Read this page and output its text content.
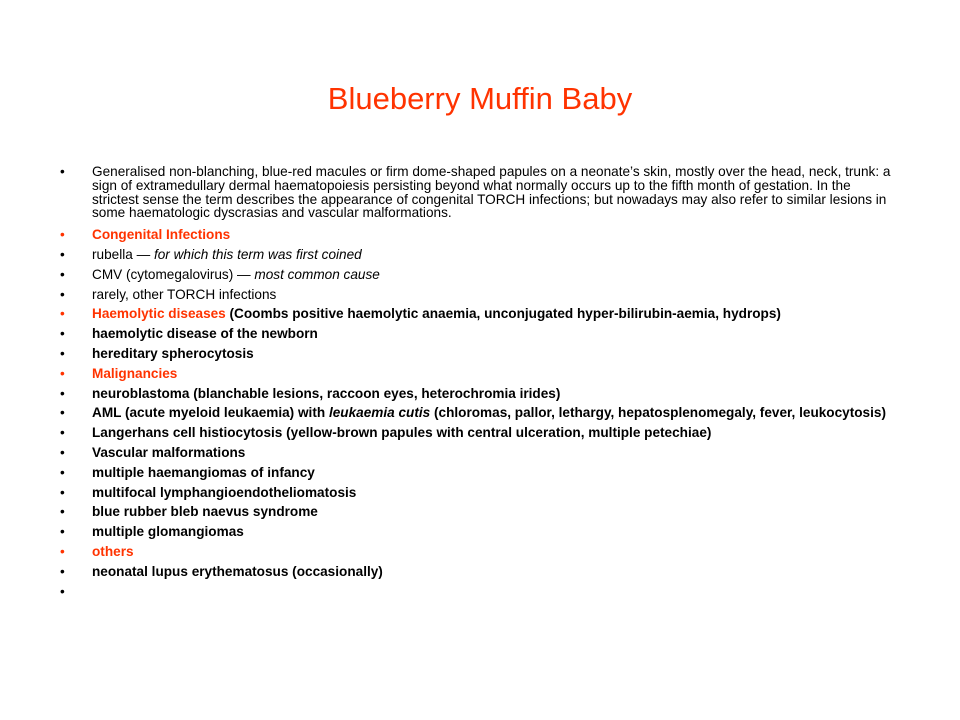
Blueberry Muffin Baby
•	Generalised non-blanching, blue-red macules or firm dome-shaped papules on a neonate’s skin, mostly over the head, neck, trunk: a sign of extramedullary dermal haematopoiesis persisting beyond what normally occurs up to the fifth month of gestation. In the strictest sense the term describes the appearance of congenital TORCH infections; but nowadays may also refer to similar lesions in some haematologic dyscrasias and vascular malformations.
•	Congenital Infections
•	rubella — for which this term was first coined
•	CMV (cytomegalovirus) — most common cause
•	rarely, other TORCH infections
•	Haemolytic diseases (Coombs positive haemolytic anaemia, unconjugated hyper-bilirubin-aemia, hydrops)
•	haemolytic disease of the newborn
•	hereditary spherocytosis
•	Malignancies
•	neuroblastoma (blanchable lesions, raccoon eyes, heterochromia irides)
•	AML (acute myeloid leukaemia) with leukaemia cutis (chloromas, pallor, lethargy, hepatosplenomegaly, fever, leukocytosis)
•	Langerhans cell histiocytosis (yellow-brown papules with central ulceration, multiple petechiae)
•	Vascular malformations
•	multiple haemangiomas of infancy
•	multifocal lymphangioendotheliomatosis
•	blue rubber bleb naevus syndrome
•	multiple glomangiomas
•	others
•	neonatal lupus erythematosus (occasionally)
•
